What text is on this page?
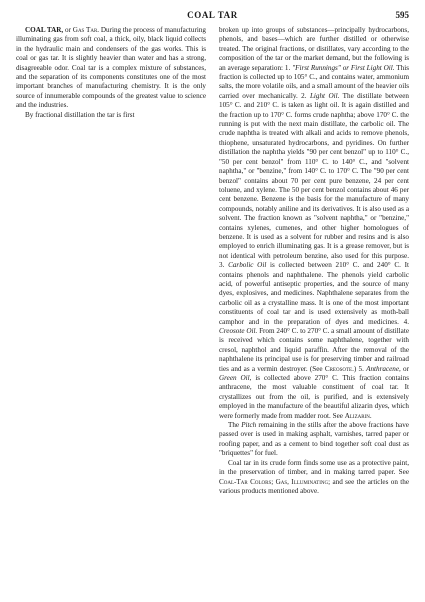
COAL TAR	595

COAL TAR, or Gas Tar. During the process of manufacturing illuminating gas from soft coal, a thick, oily, black liquid collects in the hydraulic main and condensers of the gas works. This is coal or gas tar. It is slightly heavier than water and has a strong, disagreeable odor. Coal tar is a complex mixture of substances, and the separation of its components constitutes one of the most important branches of manufacturing chemistry. It is the only source of innumerable compounds of the greatest value to science and the industries.

By fractional distillation the tar is first

broken up into groups of substances—principally hydrocarbons, phenols, and bases—which are further distilled or otherwise treated. The original fractions, or distillates, vary according to the composition of the tar or the market demand, but the following is an average separation: 1. "First Runnings" or First Light Oil. This fraction is collected up to 105° C., and contains water, ammonium salts, the more volatile oils, and a small amount of the heavier oils carried over mechanically. 2. Light Oil. The distillate between 105° C. and 210° C. is taken as light oil. It is again distilled and the fraction up to 170° C. forms crude naphtha; above 170° C. the running is put with the next main distillate, the carbolic oil. The crude naphtha is treated with alkali and acids to remove phenols, thiophene, unsaturated hydrocarbons, and pyridines. On further distillation the naphtha yields "90 per cent benzol" up to 110° C., "50 per cent benzol" from 110° C. to 140° C., and "solvent naphtha," or "benzine," from 140° C. to 170° C. The "90 per cent benzol" contains about 70 per cent pure benzene, 24 per cent toluene, and xylene. The 50 per cent benzol contains about 46 per cent benzene. Benzene is the basis for the manufacture of many compounds, notably aniline and its derivatives. It is also used as a solvent. The fraction known as "solvent naphtha," or "benzine," contains xylenes, cumenes, and other higher homologues of benzene. It is used as a solvent for rubber and resins and is also employed to enrich illuminating gas. It is a grease remover, but is not identical with petroleum benzine, also used for this purpose. 3. Carbolic Oil is collected between 210° C. and 240° C. It contains phenols and naphthalene. The phenols yield carbolic acid, of powerful antiseptic properties, and the source of many dyes, explosives, and medicines. Naphthalene separates from the carbolic oil as a crystalline mass. It is one of the most important constituents of coal tar and is used extensively as moth-ball camphor and in the preparation of dyes and medicines. 4. Creosote Oil. From 240° C. to 270° C. a small amount of distillate is received which contains some naphthalene, together with cresol, naphthol and liquid paraffin. After the removal of the naphthalene its principal use is for preserving timber and railroad ties and as a vermin destroyer. (See Creosote.) 5. Anthracene, or Green Oil, is collected above 270° C. This fraction contains anthracene, the most valuable constituent of coal tar. It crystallizes out from the oil, is purified, and is extensively employed in the manufacture of the beautiful alizarin dyes, which were formerly made from madder root. See Alizarin.

The Pitch remaining in the stills after the above fractions have passed over is used in making asphalt, varnishes, tarred paper or roofing paper, and as a cement to bind together soft coal dust as "briquettes" for fuel.

Coal tar in its crude form finds some use as a protective paint, in the preservation of timber, and in making tarred paper. See Coal-Tar Colors; Gas, Illuminating; and see the articles on the various products mentioned above.
